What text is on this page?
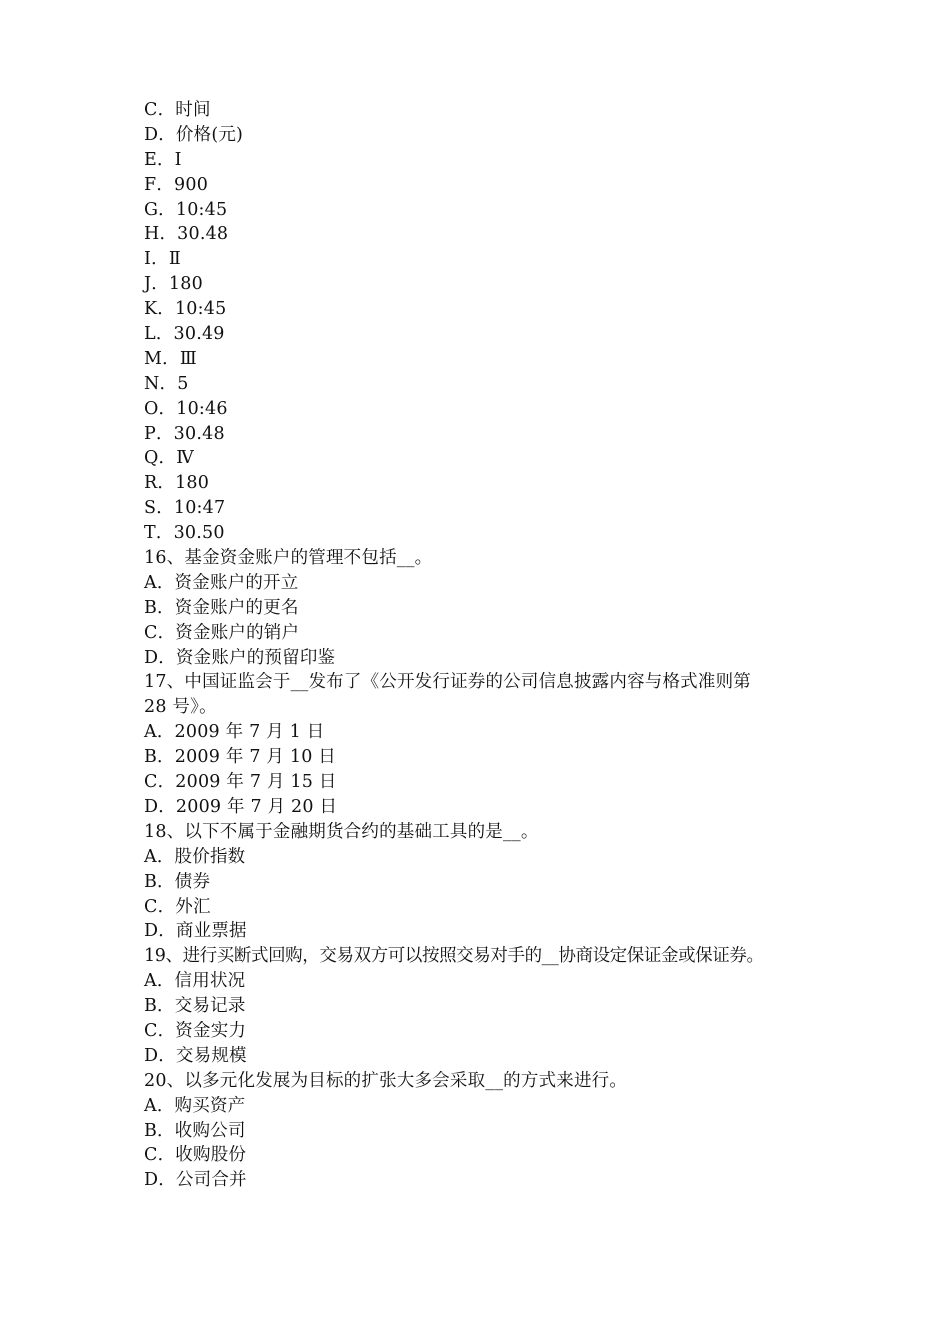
C．时间
D．价格(元)
E．Ⅰ
F．900
G．10:45
H．30.48
I．Ⅱ
J．180
K．10:45
L．30.49
M．Ⅲ
N．5
O．10:46
P．30.48
Q．Ⅳ
R．180
S．10:47
T．30.50
16、基金资金账户的管理不包括__。
A．资金账户的开立
B．资金账户的更名
C．资金账户的销户
D．资金账户的预留印鉴
17、中国证监会于__发布了《公开发行证券的公司信息披露内容与格式准则第
28 号》。
A．2009 年 7 月 1 日
B．2009 年 7 月 10 日
C．2009 年 7 月 15 日
D．2009 年 7 月 20 日
18、以下不属于金融期货合约的基础工具的是__。
A．股价指数
B．债券
C．外汇
D．商业票据
19、进行买断式回购，交易双方可以按照交易对手的__协商设定保证金或保证券。
A．信用状况
B．交易记录
C．资金实力
D．交易规模
20、以多元化发展为目标的扩张大多会采取__的方式来进行。
A．购买资产
B．收购公司
C．收购股份
D．公司合并
